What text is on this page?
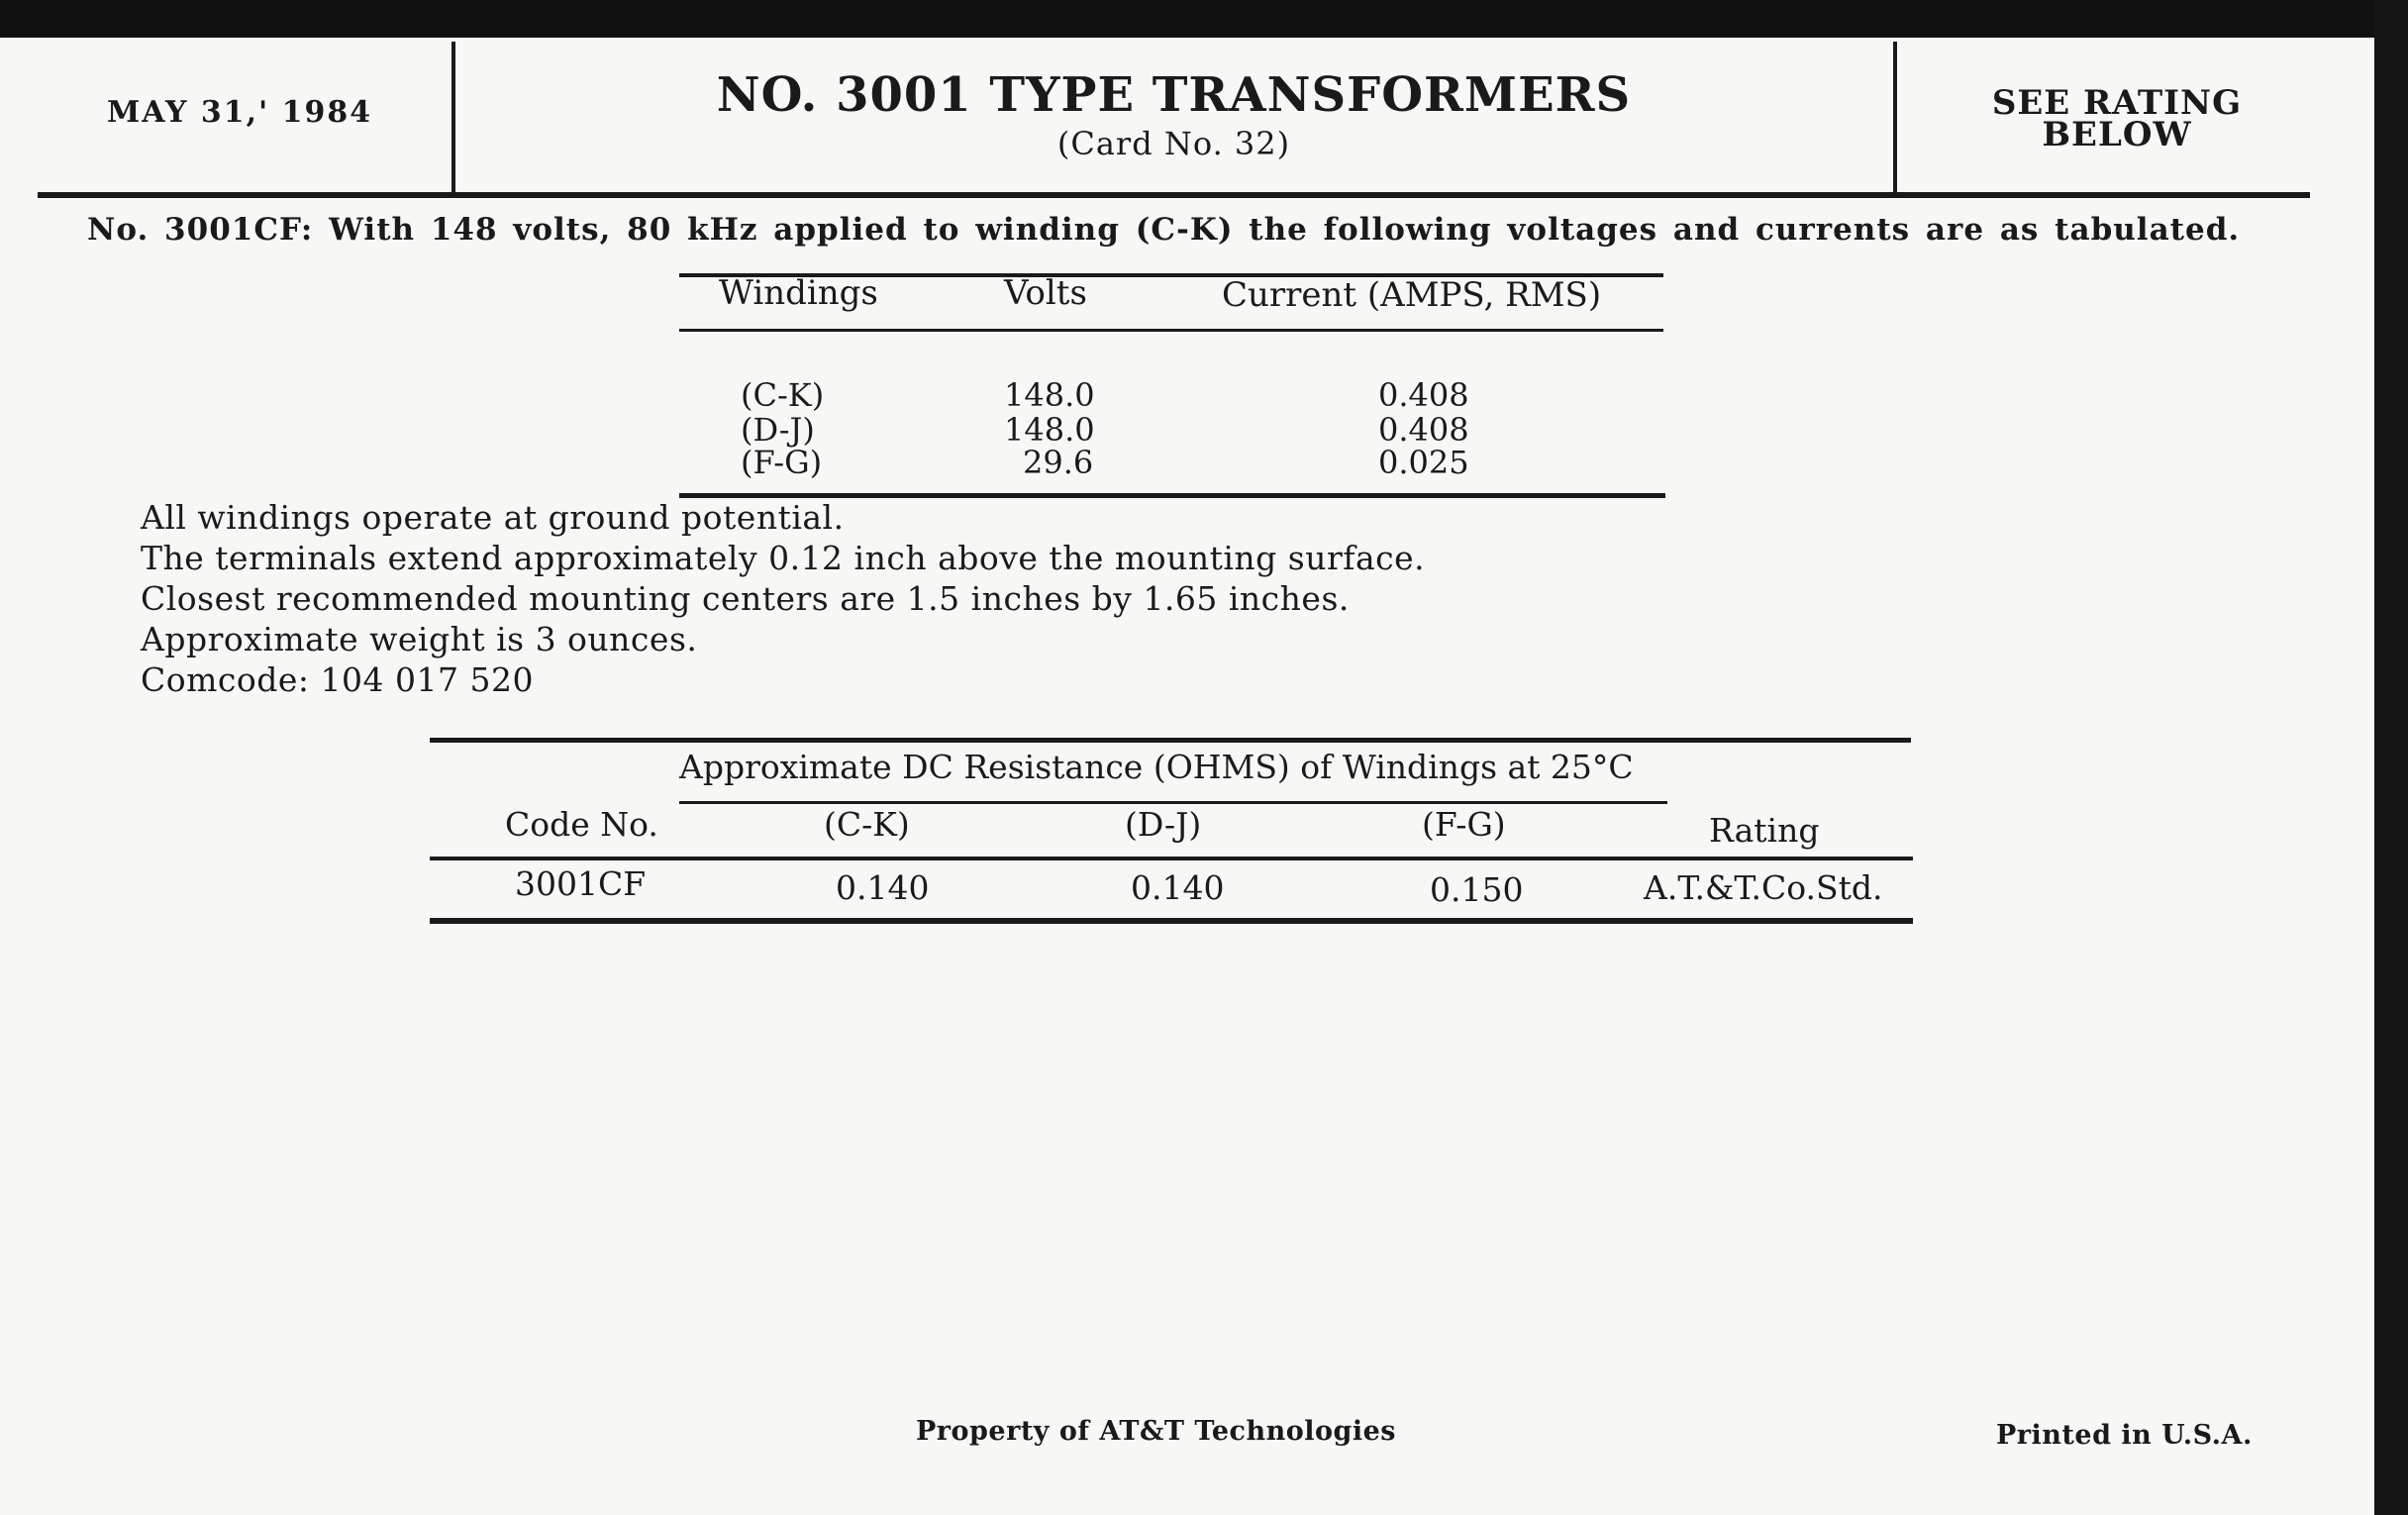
MAY 31,' 1984	NO. 3001 TYPE TRANSFORMERS
(Card No. 32)
SEE RATING
BELOW
No. 3001CF: With 148 volts, 80 kHz applied to winding (C-K) the following voltages and currents are as tabulated.
Windings	Volts	Current (AMPS, RMS)
(C-K)	148.0	0.408
(D-J)	148.0	0.408
(F-G)	29.6	0.025
All windings operate at ground potential.
The terminals extend approximately 0.12 inch above the mounting surface.
Closest recommended mounting centers are 1.5 inches by 1.65 inches.
Approximate weight is 3 ounces.
Comcode: 104 017 520
Approximate DC Resistance (OHMS) of Windings at 25°C
Code No.	(C-K)	(D-J)	(F-G)	Rating
3001CF	0.140	0.140	0.150	A.T.&T.Co.Std.
Property of AT&T Technologies	Printed in U.S.A.
